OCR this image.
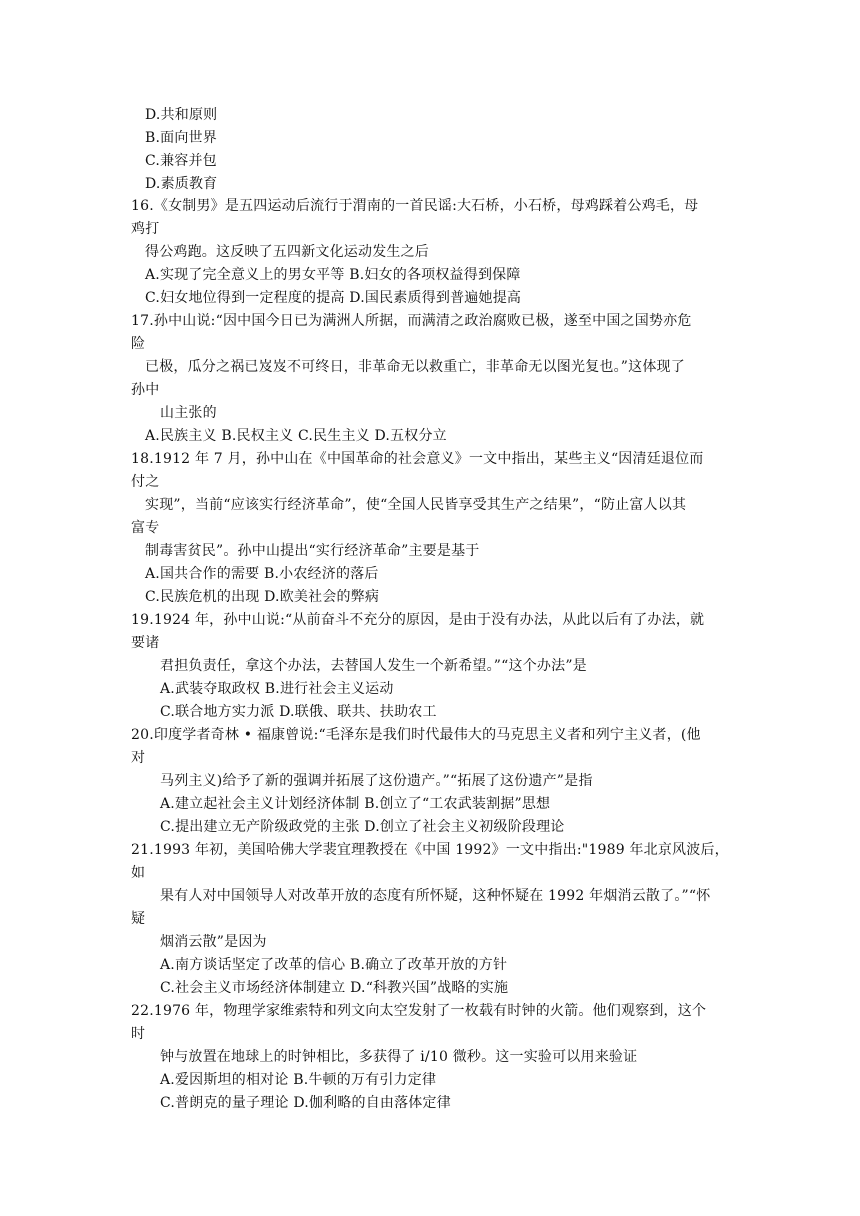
D.共和原则
B.面向世界
C.兼容并包
D.素质教育
16.《女制男》是五四运动后流行于渭南的一首民谣:大石桥，小石桥，母鸡踩着公鸡毛，母
鸡打
得公鸡跑。这反映了五四新文化运动发生之后
A.实现了完全意义上的男女平等 B.妇女的各项权益得到保障
C.妇女地位得到一定程度的提高 D.国民素质得到普遍她提高
17.孙中山说:“因中国今日已为满洲人所据，而满清之政治腐败已极，遂至中国之国势亦危
险
已极，瓜分之祸已岌岌不可终日，非革命无以救重亡，非革命无以图光复也。”这体现了
孙中
山主张的
A.民族主义 B.民权主义 C.民生主义 D.五权分立
18.1912 年 7 月，孙中山在《中国革命的社会意义》一文中指出，某些主义“因清廷退位而
付之
实现”，当前“应该实行经济革命”，使“全国人民皆享受其生产之结果”，“防止富人以其
富专
制毒害贫民”。孙中山提出“实行经济革命”主要是基于
A.国共合作的需要 B.小农经济的落后
C.民族危机的出现 D.欧美社会的弊病
19.1924 年，孙中山说:“从前奋斗不充分的原因，是由于没有办法，从此以后有了办法，就
要诸
君担负责任，拿这个办法，去替国人发生一个新希望。”“这个办法”是
A.武装夺取政权 B.进行社会主义运动
C.联合地方实力派 D.联俄、联共、扶助农工
20.印度学者奇林 • 福康曾说:“毛泽东是我们时代最伟大的马克思主义者和列宁主义者，(他
对
马列主义)给予了新的强调并拓展了这份遗产。”“拓展了这份遗产”是指
A.建立起社会主义计划经济体制 B.创立了“工农武装割据”思想
C.提出建立无产阶级政党的主张 D.创立了社会主义初级阶段理论
21.1993 年初，美国哈佛大学裴宜理教授在《中国 1992》一文中指出:"1989 年北京风波后，
如
果有人对中国领导人对改革开放的态度有所怀疑，这种怀疑在 1992 年烟消云散了。”“怀
疑
烟消云散”是因为
A.南方谈话坚定了改革的信心 B.确立了改革开放的方针
C.社会主义市场经济体制建立 D.“科教兴国”战略的实施
22.1976 年，物理学家维索特和列文向太空发射了一枚载有时钟的火箭。他们观察到，这个
时
钟与放置在地球上的时钟相比，多获得了 i/10 微秒。这一实验可以用来验证
A.爱因斯坦的相对论 B.牛顿的万有引力定律
C.普朗克的量子理论 D.伽利略的自由落体定律
